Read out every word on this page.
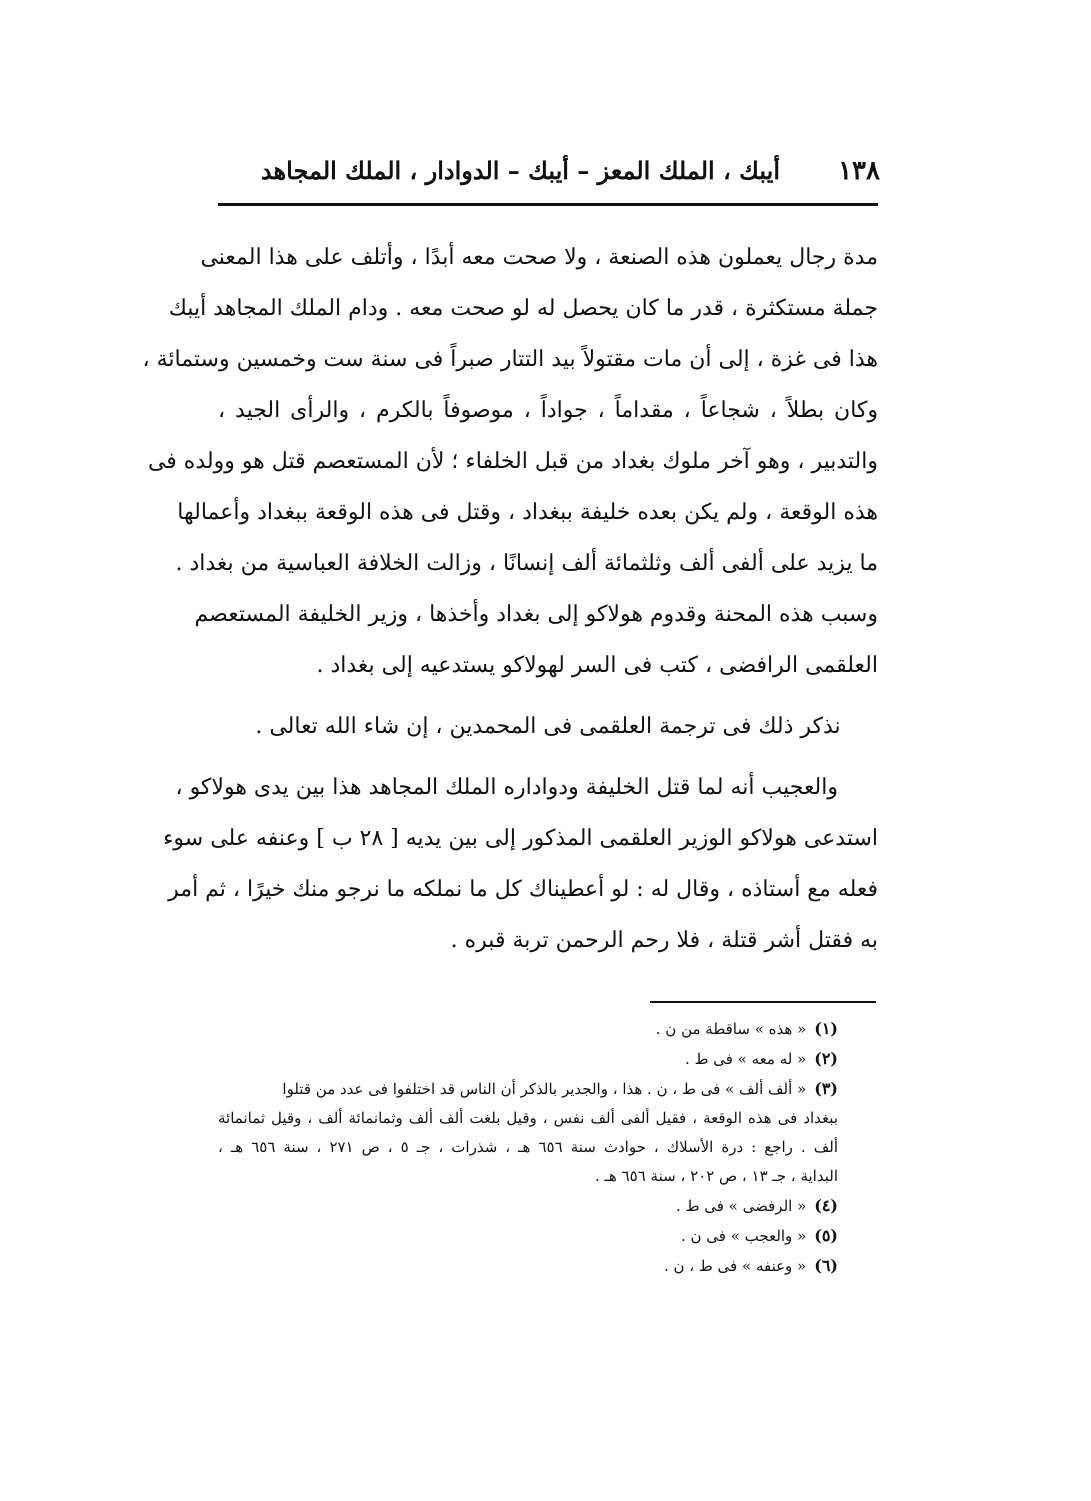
١٣٨
أيبك ، الملك المعز – أيبك – الدوادار ، الملك المجاهد
مدة رجال يعملون هذه الصنعة ، ولا صحت معه أبدًا ، وأتلف على هذا المعنى
جملة مستكثرة ، قدر ما كان يحصل له لو صحت معه . ودام الملك المجاهد أيبك
هذا فى غزة ، إلى أن مات مقتولاً بيد التتار صبراً فى سنة ست وخمسين وستمائة ،
وكان بطلاً ، شجاعاً ، مقداماً ، جواداً ، موصوفاً بالكرم ، والرأى الجيد ،
والتدبير ، وهو آخر ملوك بغداد من قبل الخلفاء ؛ لأن المستعصم قتل هو وولده فى
هذه الوقعة ، ولم يكن بعده خليفة ببغداد ، وقتل فى هذه الوقعة ببغداد وأعمالها
ما يزيد على ألفى ألف وثلثمائة ألف إنسانًا ، وزالت الخلافة العباسية من بغداد .
وسبب هذه المحنة وقدوم هولاكو إلى بغداد وأخذها ، وزير الخليفة المستعصم
العلقمى الرافضى ، كتب فى السر لهولاكو يستدعيه إلى بغداد .
نذكر ذلك فى ترجمة العلقمى فى المحمدين ، إن شاء الله تعالى .
والعجيب أنه لما قتل الخليفة ودواداره الملك المجاهد هذا بين يدى هولاكو ،
استدعى هولاكو الوزير العلقمى المذكور إلى بين يديه [ ٢٨ ب ] وعنفه على سوء
فعله مع أستاذه ، وقال له : لو أعطيناك كل ما نملكه ما نرجو منك خيرًا ، ثم أمر
به فقتل أشر قتلة ، فلا رحم الرحمن تربة قبره .
(١)« هذه » ساقطة من ن .
(٢)« له معه » فى ط .
(٣)« ألف ألف » فى ط ، ن . هذا ، والجدير بالذكر أن الناس قد اختلفوا فى عدد من قتلوا
ببغداد فى هذه الوقعة ، فقيل ألفى ألف نفس ، وقيل بلغت ألف ألف وثمانمائة ألف ، وقيل ثمانمائة
ألف . راجع : درة الأسلاك ، حوادث سنة ٦٥٦ هـ ، شذرات ، جـ ٥ ، ص ٢٧١ ، سنة ٦٥٦ هـ ،
البداية ، جـ ١٣ ، ص ٢٠٢ ، سنة ٦٥٦ هـ .
(٤)« الرفضى » فى ط .
(٥)« والعجب » فى ن .
(٦)« وعنفه » فى ط ، ن .
